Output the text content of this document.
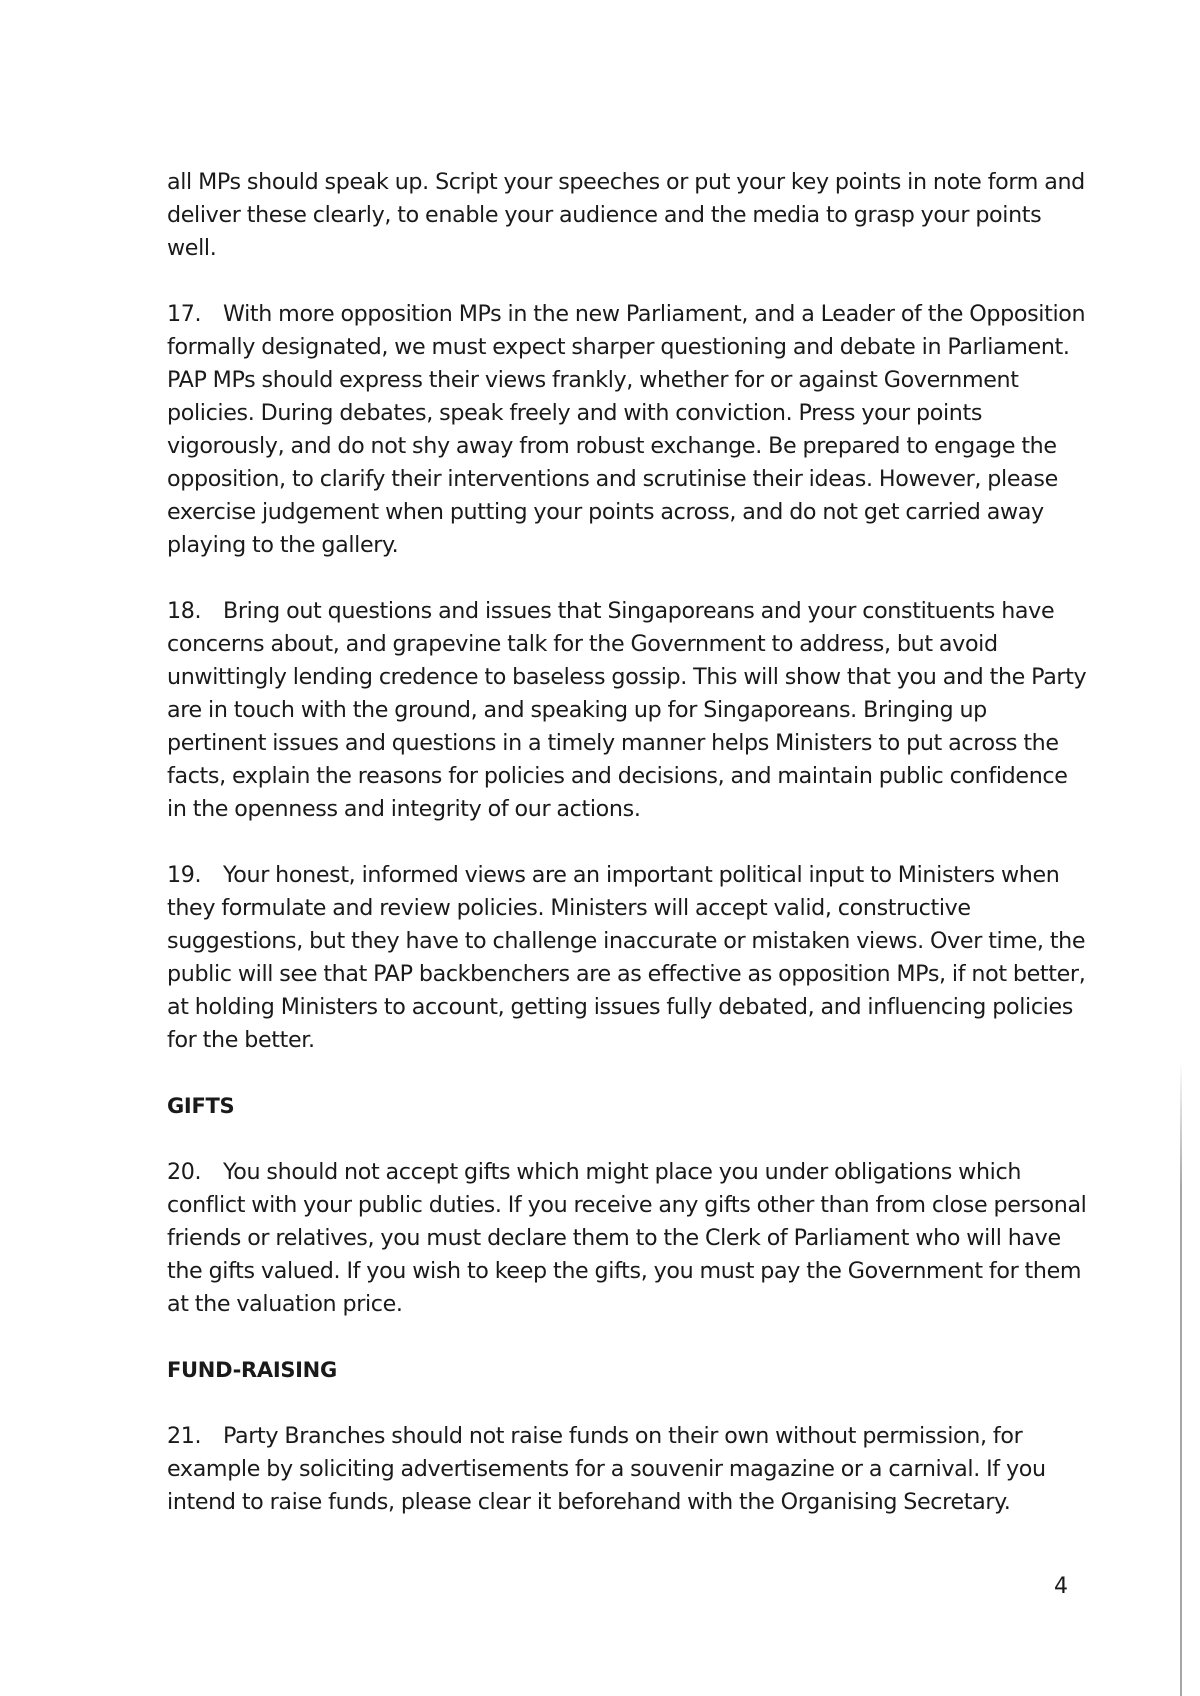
all MPs should speak up. Script your speeches or put your key points in note form and deliver these clearly, to enable your audience and the media to grasp your points well.

17. With more opposition MPs in the new Parliament, and a Leader of the Opposition formally designated, we must expect sharper questioning and debate in Parliament. PAP MPs should express their views frankly, whether for or against Government policies. During debates, speak freely and with conviction. Press your points vigorously, and do not shy away from robust exchange. Be prepared to engage the opposition, to clarify their interventions and scrutinise their ideas. However, please exercise judgement when putting your points across, and do not get carried away playing to the gallery.

18. Bring out questions and issues that Singaporeans and your constituents have concerns about, and grapevine talk for the Government to address, but avoid unwittingly lending credence to baseless gossip. This will show that you and the Party are in touch with the ground, and speaking up for Singaporeans. Bringing up pertinent issues and questions in a timely manner helps Ministers to put across the facts, explain the reasons for policies and decisions, and maintain public confidence in the openness and integrity of our actions.

19. Your honest, informed views are an important political input to Ministers when they formulate and review policies. Ministers will accept valid, constructive suggestions, but they have to challenge inaccurate or mistaken views. Over time, the public will see that PAP backbenchers are as effective as opposition MPs, if not better, at holding Ministers to account, getting issues fully debated, and influencing policies for the better.

GIFTS

20. You should not accept gifts which might place you under obligations which conflict with your public duties. If you receive any gifts other than from close personal friends or relatives, you must declare them to the Clerk of Parliament who will have the gifts valued. If you wish to keep the gifts, you must pay the Government for them at the valuation price.

FUND-RAISING

21. Party Branches should not raise funds on their own without permission, for example by soliciting advertisements for a souvenir magazine or a carnival. If you intend to raise funds, please clear it beforehand with the Organising Secretary.

4
